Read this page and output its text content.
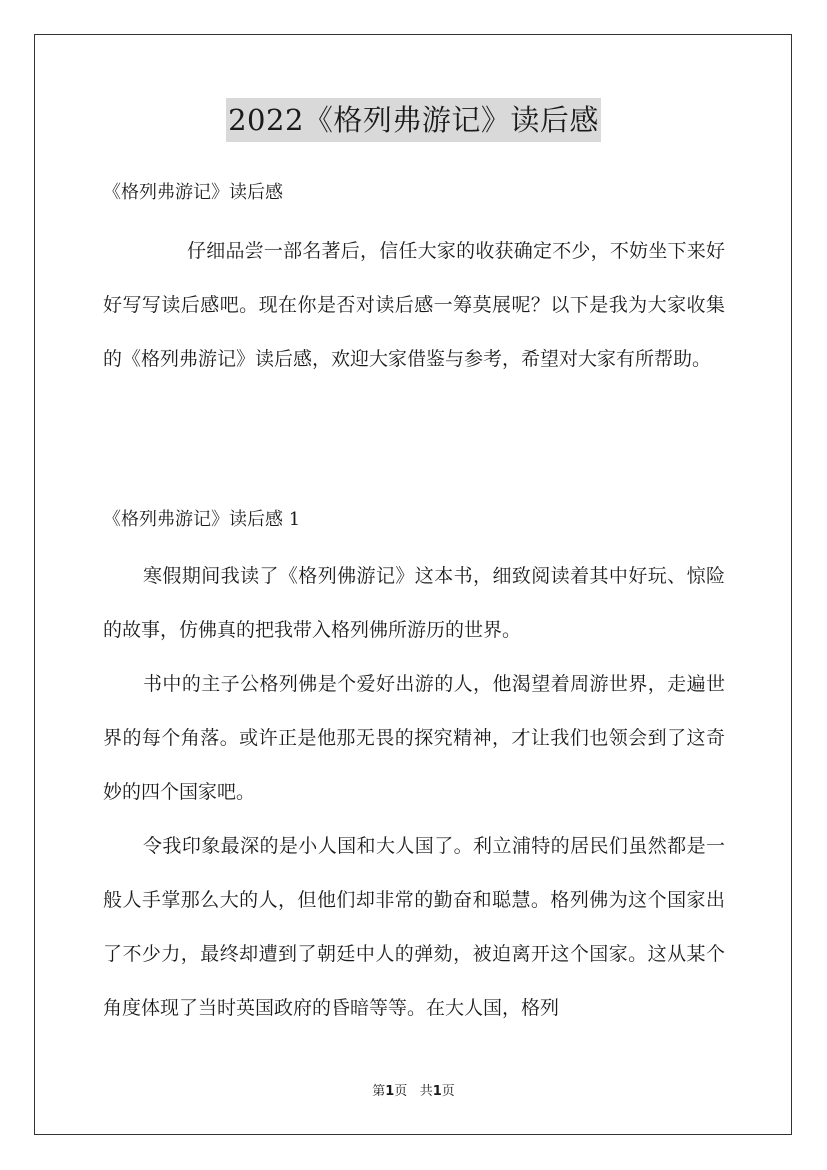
2022《格列弗游记》读后感
《格列弗游记》读后感

仔细品尝一部名著后，信任大家的收获确定不少，不妨坐下来好好写写读后感吧。现在你是否对读后感一筹莫展呢？以下是我为大家收集的《格列弗游记》读后感，欢迎大家借鉴与参考，希望对大家有所帮助。

《格列弗游记》读后感 1

寒假期间我读了《格列佛游记》这本书，细致阅读着其中好玩、惊险的故事，仿佛真的把我带入格列佛所游历的世界。

书中的主子公格列佛是个爱好出游的人，他渴望着周游世界，走遍世界的每个角落。或许正是他那无畏的探究精神，才让我们也领会到了这奇妙的四个国家吧。

令我印象最深的是小人国和大人国了。利立浦特的居民们虽然都是一般人手掌那么大的人，但他们却非常的勤奋和聪慧。格列佛为这个国家出了不少力，最终却遭到了朝廷中人的弹劾，被迫离开这个国家。这从某个角度体现了当时英国政府的昏暗等等。在大人国，格列

第1页 共1页
